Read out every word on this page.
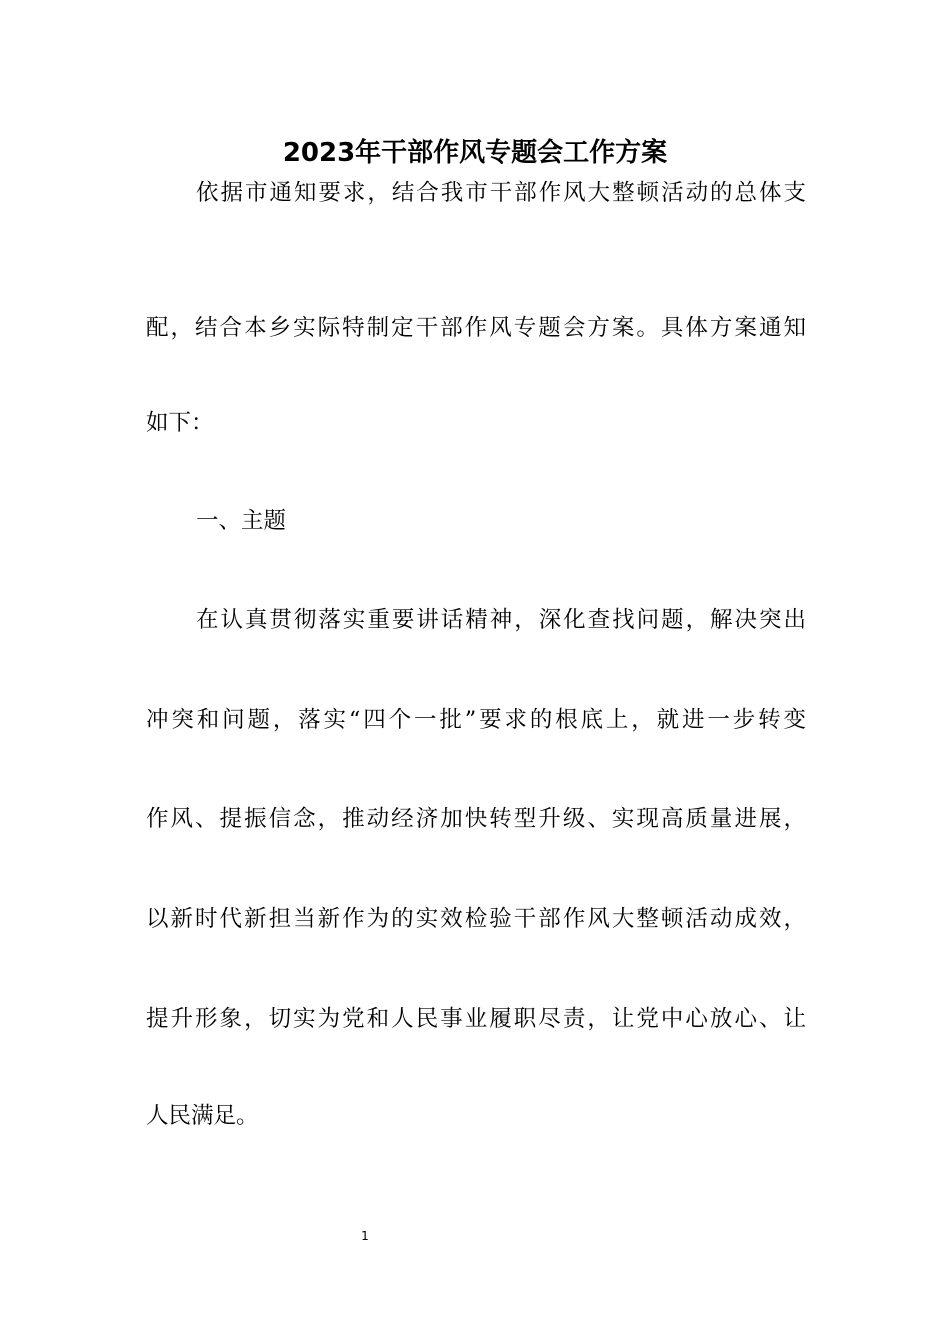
2023年干部作风专题会工作方案
依据市通知要求，结合我市干部作风大整顿活动的总体支
配，结合本乡实际特制定干部作风专题会方案。具体方案通知
如下：
一、主题
在认真贯彻落实重要讲话精神，深化查找问题，解决突出
冲突和问题，落实“四个一批”要求的根底上，就进一步转变
作风、提振信念，推动经济加快转型升级、实现高质量进展，
以新时代新担当新作为的实效检验干部作风大整顿活动成效，
提升形象，切实为党和人民事业履职尽责，让党中心放心、让
人民满足。
1
